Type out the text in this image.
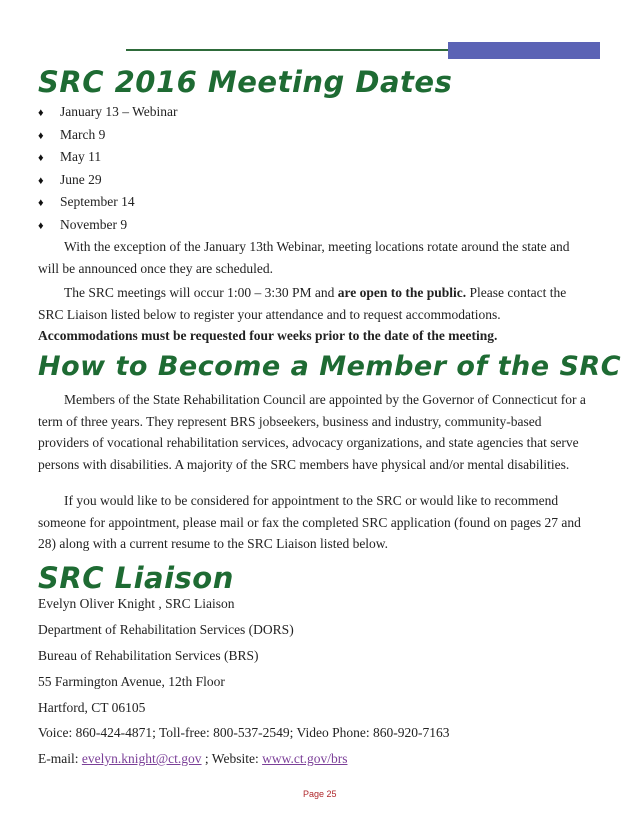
SRC 2016 Meeting Dates
♦ January 13 – Webinar
♦ March 9
♦ May 11
♦ June 29
♦ September 14
♦ November 9

With the exception of the January 13th Webinar, meeting locations rotate around the state and will be announced once they are scheduled.

The SRC meetings will occur 1:00 – 3:30 PM and are open to the public. Please contact the SRC Liaison listed below to register your attendance and to request accommodations. Accommodations must be requested four weeks prior to the date of the meeting.

How to Become a Member of the SRC

Members of the State Rehabilitation Council are appointed by the Governor of Connecticut for a term of three years. They represent BRS jobseekers, business and industry, community-based providers of vocational rehabilitation services, advocacy organizations, and state agencies that serve persons with disabilities. A majority of the SRC members have physical and/or mental disabilities.

If you would like to be considered for appointment to the SRC or would like to recommend someone for appointment, please mail or fax the completed SRC application (found on pages 27 and 28) along with a current resume to the SRC Liaison listed below.

SRC Liaison

Evelyn Oliver Knight , SRC Liaison

Department of Rehabilitation Services (DORS)

Bureau of Rehabilitation Services (BRS)

55 Farmington Avenue, 12th Floor

Hartford, CT 06105

Voice: 860-424-4871; Toll-free: 800-537-2549; Video Phone: 860-920-7163

E-mail: evelyn.knight@ct.gov ; Website: www.ct.gov/brs

Page 25
